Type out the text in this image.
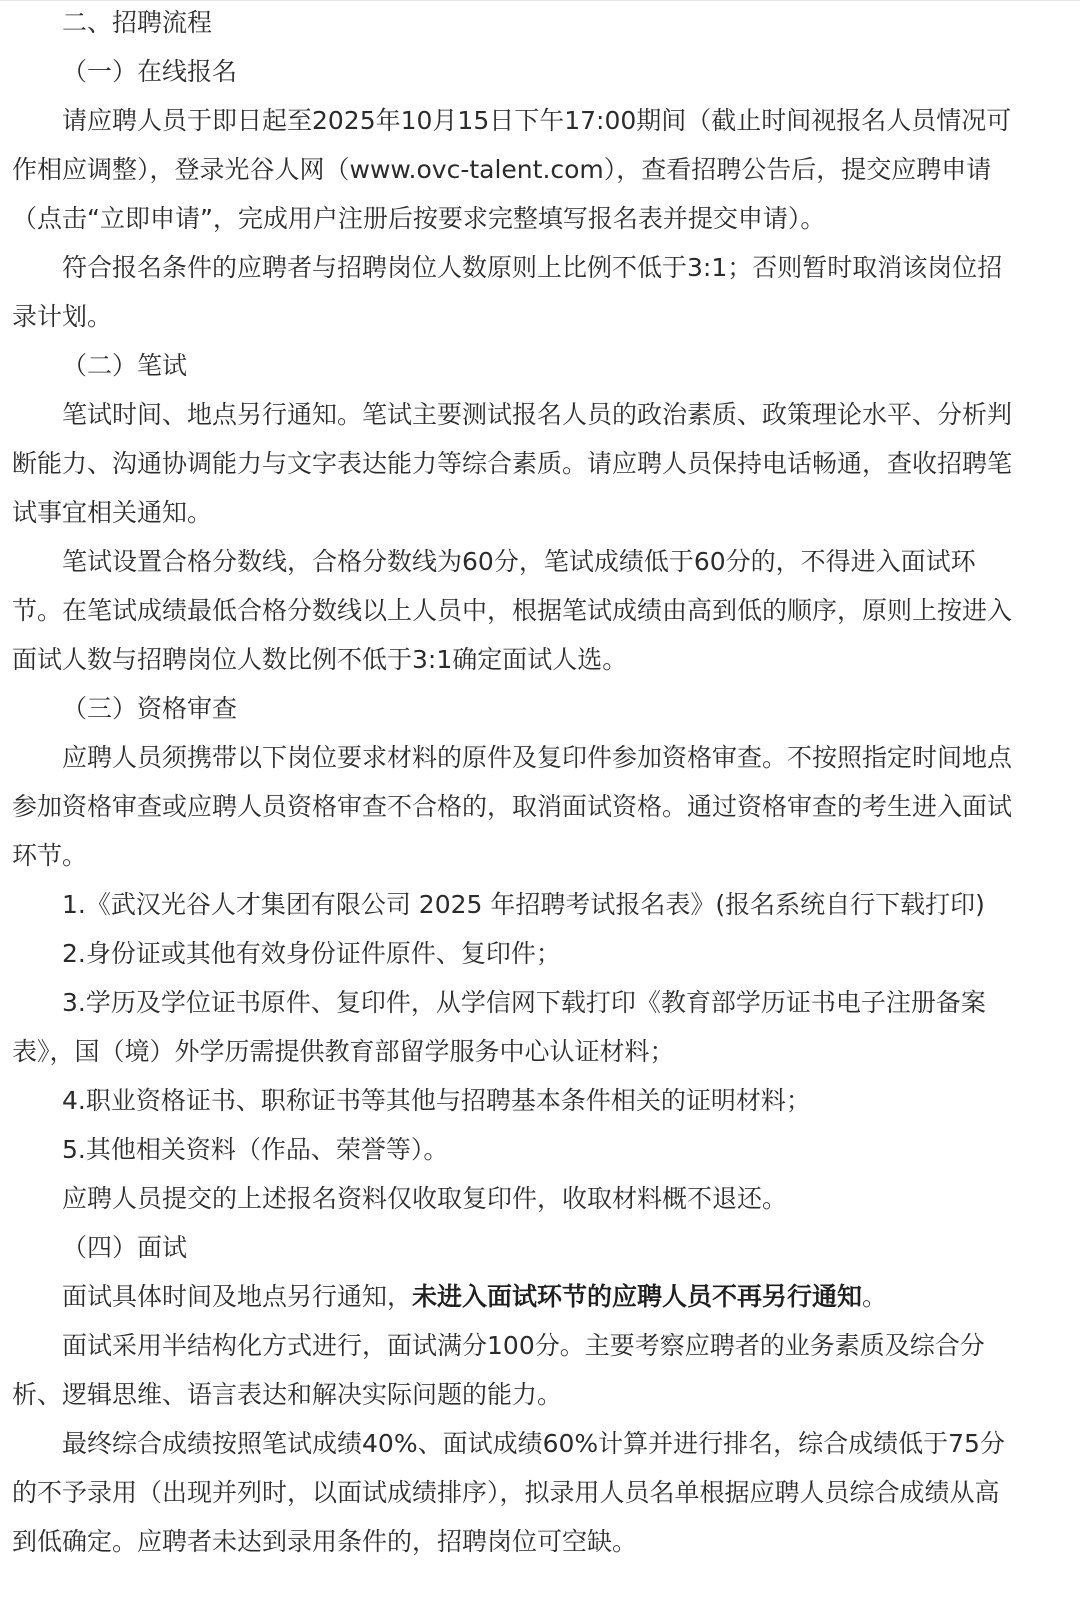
二、招聘流程

（一）在线报名

请应聘人员于即日起至2025年10月15日下午17:00期间（截止时间视报名人员情况可作相应调整），登录光谷人网（www.ovc-talent.com），查看招聘公告后，提交应聘申请（点击“立即申请”，完成用户注册后按要求完整填写报名表并提交申请）。

符合报名条件的应聘者与招聘岗位人数原则上比例不低于3:1；否则暂时取消该岗位招录计划。

（二）笔试

笔试时间、地点另行通知。笔试主要测试报名人员的政治素质、政策理论水平、分析判断能力、沟通协调能力与文字表达能力等综合素质。请应聘人员保持电话畅通，查收招聘笔试事宜相关通知。

笔试设置合格分数线，合格分数线为60分，笔试成绩低于60分的，不得进入面试环节。在笔试成绩最低合格分数线以上人员中，根据笔试成绩由高到低的顺序，原则上按进入面试人数与招聘岗位人数比例不低于3:1确定面试人选。

（三）资格审查

应聘人员须携带以下岗位要求材料的原件及复印件参加资格审查。不按照指定时间地点参加资格审查或应聘人员资格审查不合格的，取消面试资格。通过资格审查的考生进入面试环节。

1.《武汉光谷人才集团有限公司 2025 年招聘考试报名表》(报名系统自行下载打印)

2.身份证或其他有效身份证件原件、复印件；

3.学历及学位证书原件、复印件，从学信网下载打印《教育部学历证书电子注册备案表》，国（境）外学历需提供教育部留学服务中心认证材料；

4.职业资格证书、职称证书等其他与招聘基本条件相关的证明材料；

5.其他相关资料（作品、荣誉等）。

应聘人员提交的上述报名资料仅收取复印件，收取材料概不退还。

（四）面试

面试具体时间及地点另行通知，未进入面试环节的应聘人员不再另行通知。

面试采用半结构化方式进行，面试满分100分。主要考察应聘者的业务素质及综合分析、逻辑思维、语言表达和解决实际问题的能力。

最终综合成绩按照笔试成绩40%、面试成绩60%计算并进行排名，综合成绩低于75分的不予录用（出现并列时，以面试成绩排序），拟录用人员名单根据应聘人员综合成绩从高到低确定。应聘者未达到录用条件的，招聘岗位可空缺。
